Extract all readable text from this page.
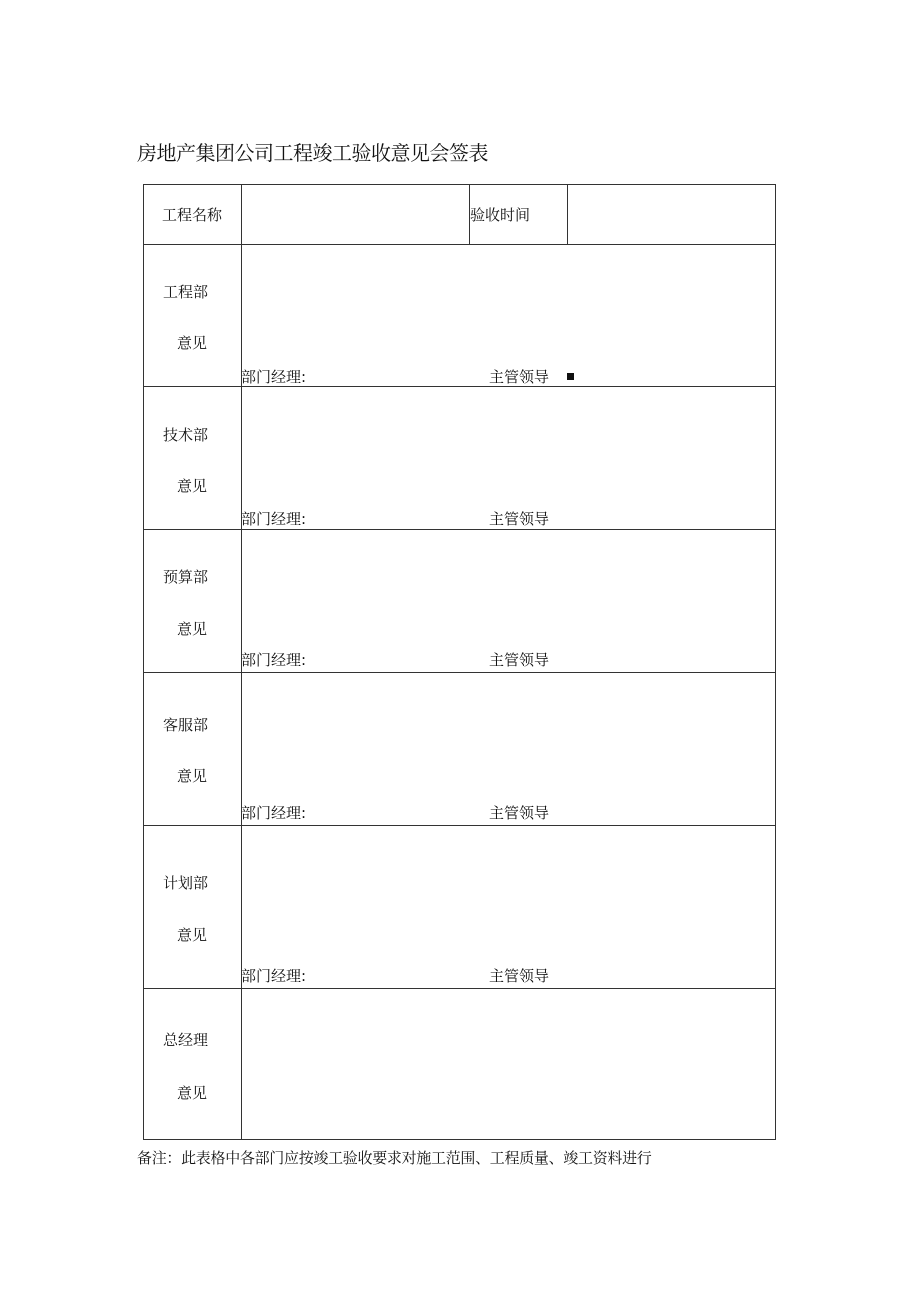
房地产集团公司工程竣工验收意见会签表
工程名称	验收时间
工程部
意见
部门经理:	主管领导
技术部
意见
部门经理:	主管领导
预算部
意见
部门经理:	主管领导
客服部
意见
部门经理:	主管领导
计划部
意见
部门经理:	主管领导
总经理
意见
备注：此表格中各部门应按竣工验收要求对施工范围、工程质量、竣工资料进行
